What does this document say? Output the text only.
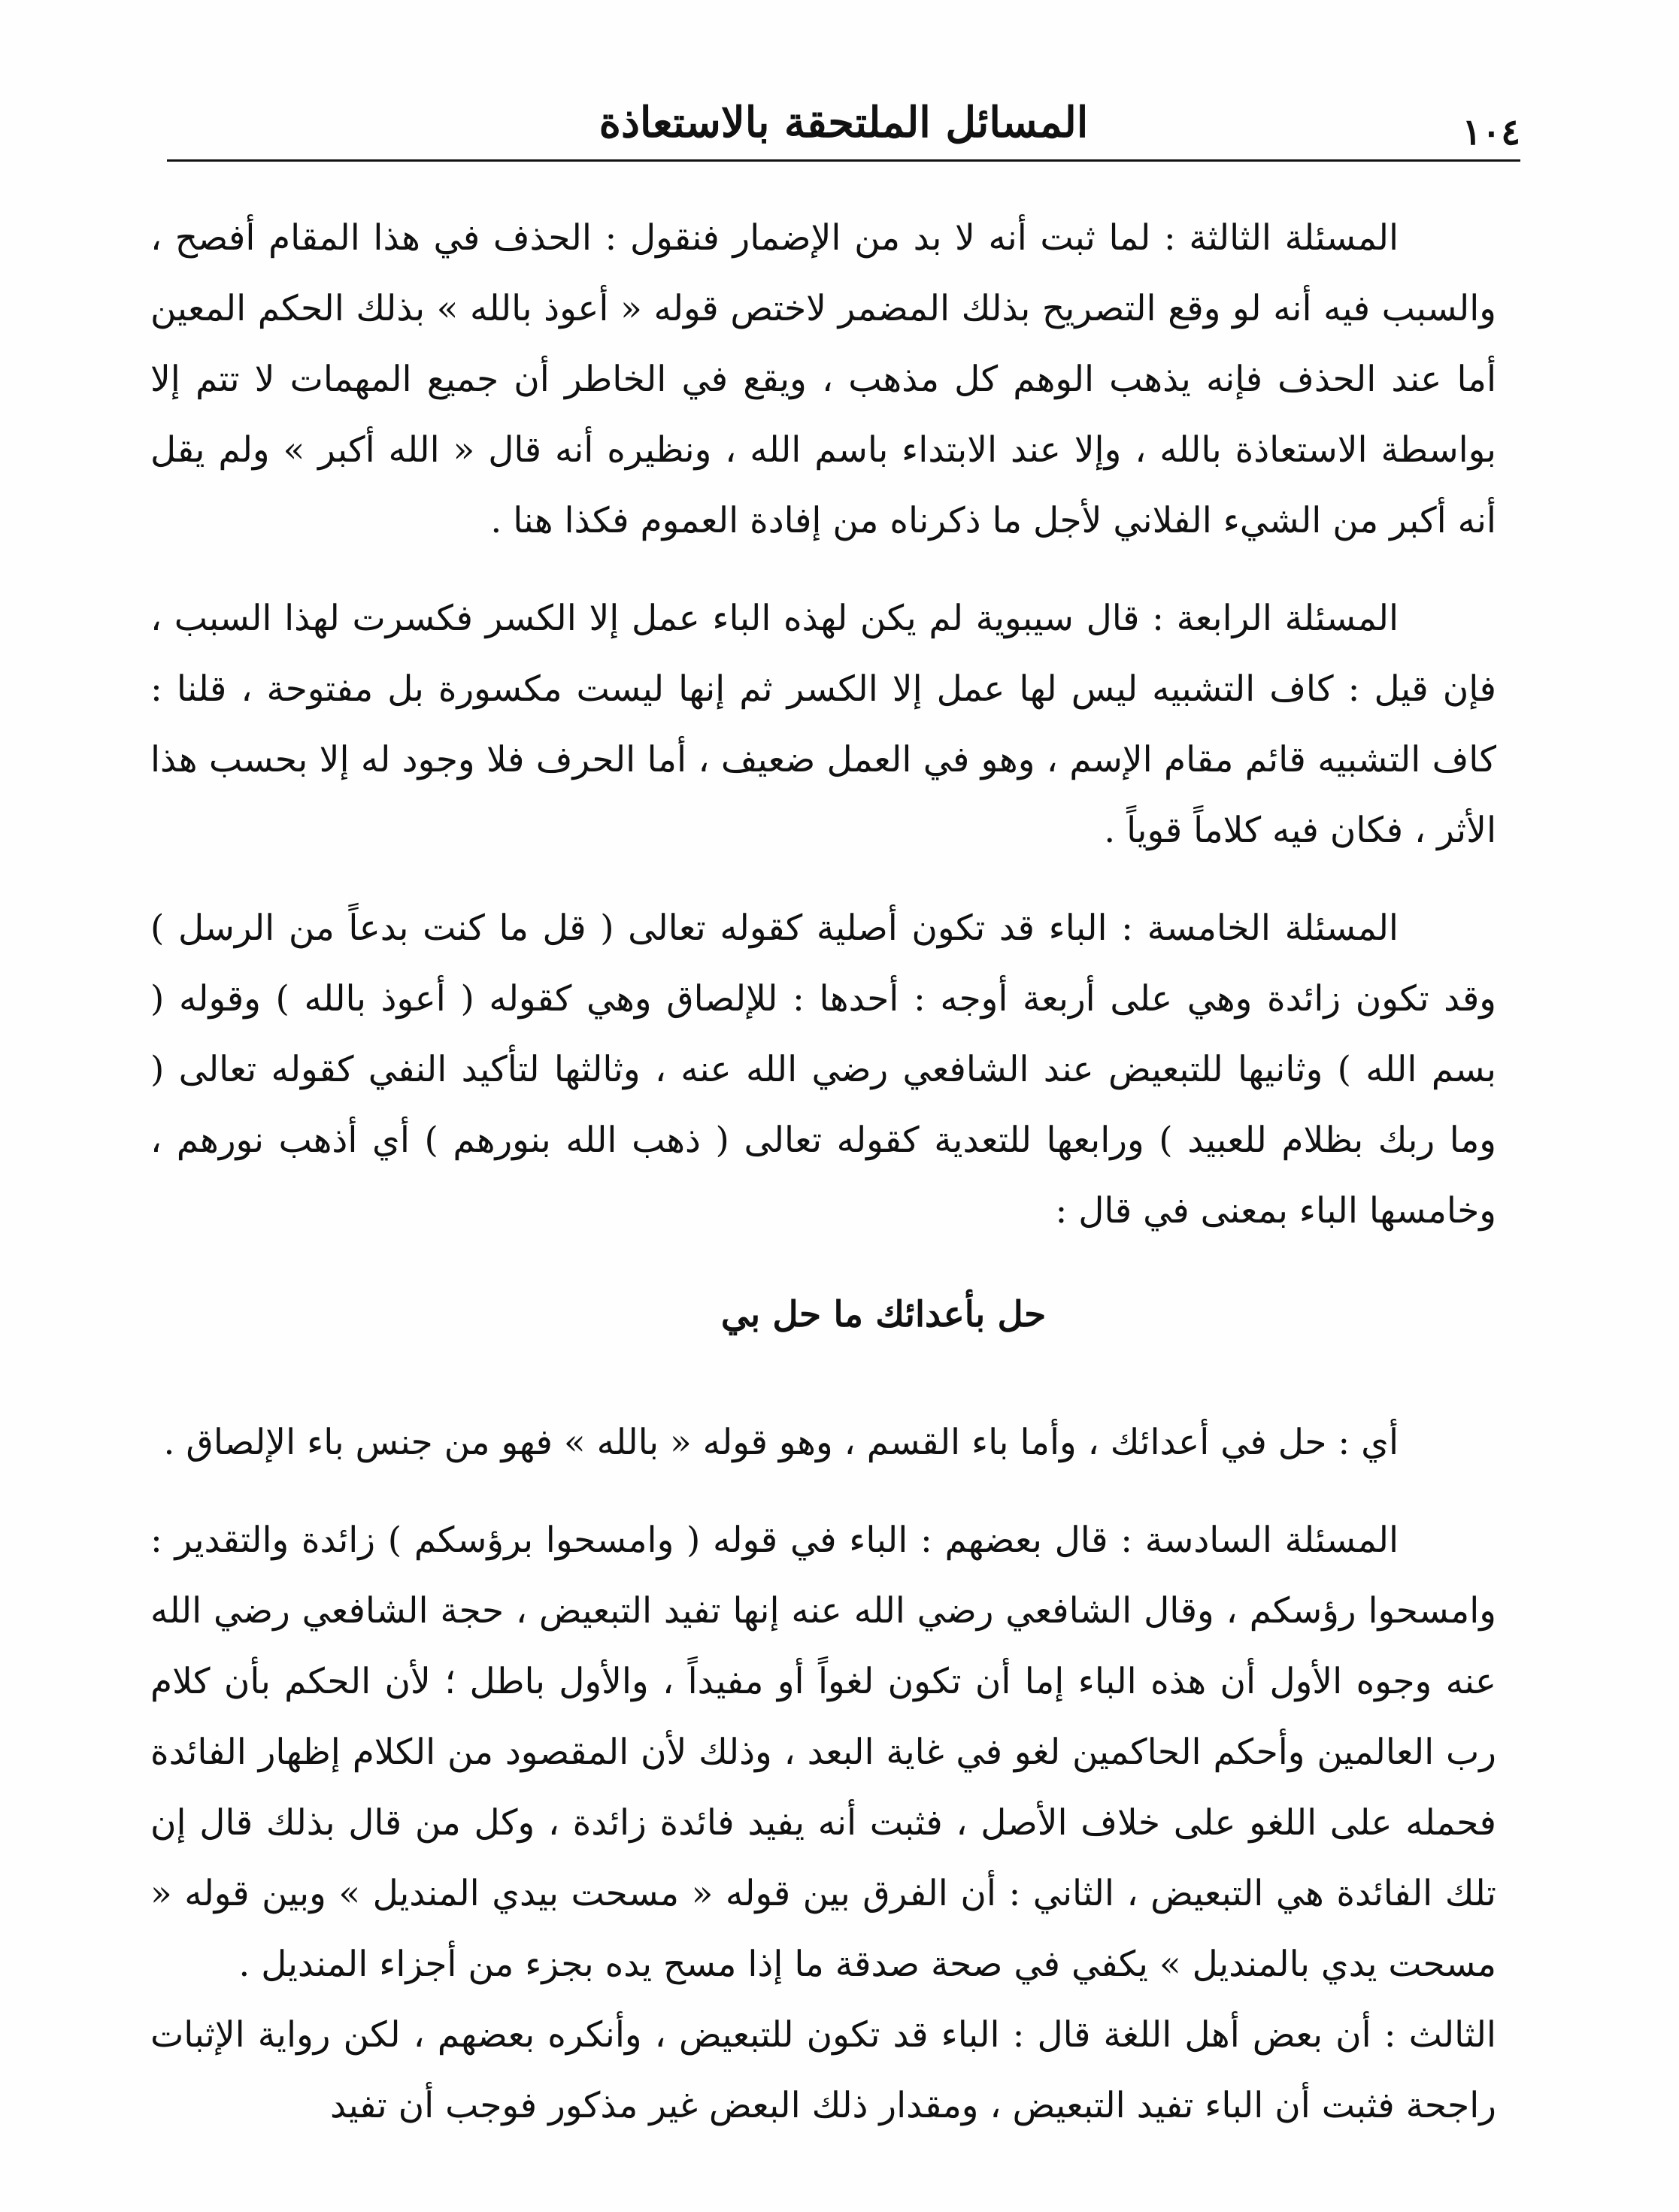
١٠٤
المسائل الملتحقة بالاستعاذة

المسئلة الثالثة : لما ثبت أنه لا بد من الإضمار فنقول : الحذف في هذا المقام أفصح ، والسبب فيه أنه لو وقع التصريح بذلك المضمر لاختص قوله « أعوذ بالله » بذلك الحكم المعين أما عند الحذف فإنه يذهب الوهم كل مذهب ، ويقع في الخاطر أن جميع المهمات لا تتم إلا بواسطة الاستعاذة بالله ، وإلا عند الابتداء باسم الله ، ونظيره أنه قال « الله أكبر » ولم يقل أنه أكبر من الشيء الفلاني لأجل ما ذكرناه من إفادة العموم فكذا هنا .

المسئلة الرابعة : قال سيبوية لم يكن لهذه الباء عمل إلا الكسر فكسرت لهذا السبب ، فإن قيل : كاف التشبيه ليس لها عمل إلا الكسر ثم إنها ليست مكسورة بل مفتوحة ، قلنا : كاف التشبيه قائم مقام الإسم ، وهو في العمل ضعيف ، أما الحرف فلا وجود له إلا بحسب هذا الأثر ، فكان فيه كلاماً قوياً .

المسئلة الخامسة : الباء قد تكون أصلية كقوله تعالى ( قل ما كنت بدعاً من الرسل ) وقد تكون زائدة وهي على أربعة أوجه : أحدها : للإلصاق وهي كقوله ( أعوذ بالله ) وقوله ( بسم الله ) وثانيها للتبعيض عند الشافعي رضي الله عنه ، وثالثها لتأكيد النفي كقوله تعالى ( وما ربك بظلام للعبيد ) ورابعها للتعدية كقوله تعالى ( ذهب الله بنورهم ) أي أذهب نورهم ، وخامسها الباء بمعنى في قال :

حل بأعدائك ما حل بي

أي : حل في أعدائك ، وأما باء القسم ، وهو قوله « بالله » فهو من جنس باء الإلصاق .

المسئلة السادسة : قال بعضهم : الباء في قوله ( وامسحوا برؤسكم ) زائدة والتقدير : وامسحوا رؤسكم ، وقال الشافعي رضي الله عنه إنها تفيد التبعيض ، حجة الشافعي رضي الله عنه وجوه الأول أن هذه الباء إما أن تكون لغواً أو مفيداً ، والأول باطل ؛ لأن الحكم بأن كلام رب العالمين وأحكم الحاكمين لغو في غاية البعد ، وذلك لأن المقصود من الكلام إظهار الفائدة فحمله على اللغو على خلاف الأصل ، فثبت أنه يفيد فائدة زائدة ، وكل من قال بذلك قال إن تلك الفائدة هي التبعيض ، الثاني : أن الفرق بين قوله « مسحت بيدي المنديل » وبين قوله « مسحت يدي بالمنديل » يكفي في صحة صدقة ما إذا مسح يده بجزء من أجزاء المنديل .

الثالث : أن بعض أهل اللغة قال : الباء قد تكون للتبعيض ، وأنكره بعضهم ، لكن رواية الإثبات راجحة فثبت أن الباء تفيد التبعيض ، ومقدار ذلك البعض غير مذكور فوجب أن تفيد
